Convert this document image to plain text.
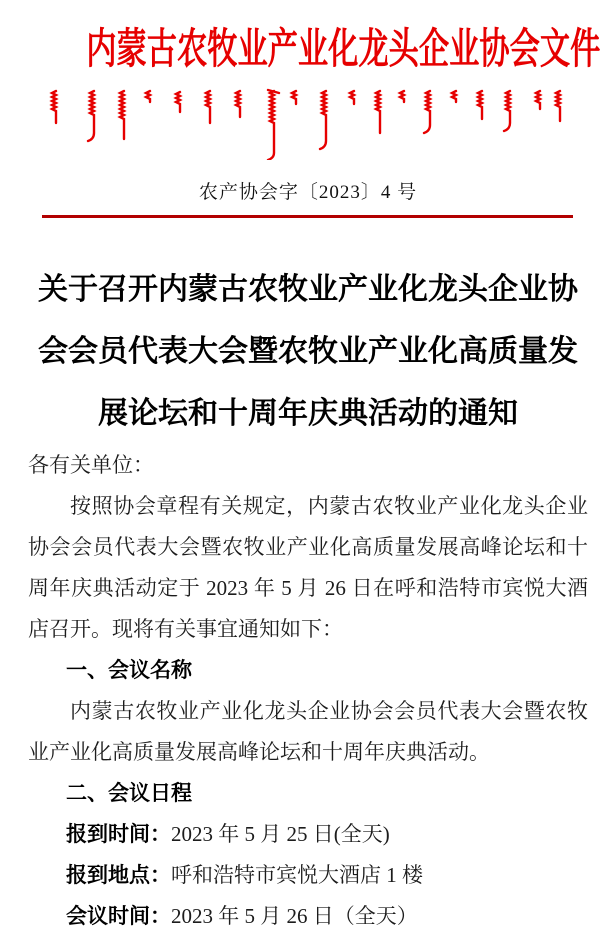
内蒙古农牧业产业化龙头企业协会文件
农产协会字〔2023〕4 号
关于召开内蒙古农牧业产业化龙头企业协
会会员代表大会暨农牧业产业化高质量发
展论坛和十周年庆典活动的通知

各有关单位：

按照协会章程有关规定，内蒙古农牧业产业化龙头企业协会会员代表大会暨农牧业产业化高质量发展高峰论坛和十周年庆典活动定于 2023 年 5 月 26 日在呼和浩特市宾悦大酒店召开。现将有关事宜通知如下：

一、会议名称

内蒙古农牧业产业化龙头企业协会会员代表大会暨农牧业产业化高质量发展高峰论坛和十周年庆典活动。

二、会议日程

报到时间：2023 年 5 月 25 日(全天)

报到地点：呼和浩特市宾悦大酒店 1 楼

会议时间：2023 年 5 月 26 日（全天）
